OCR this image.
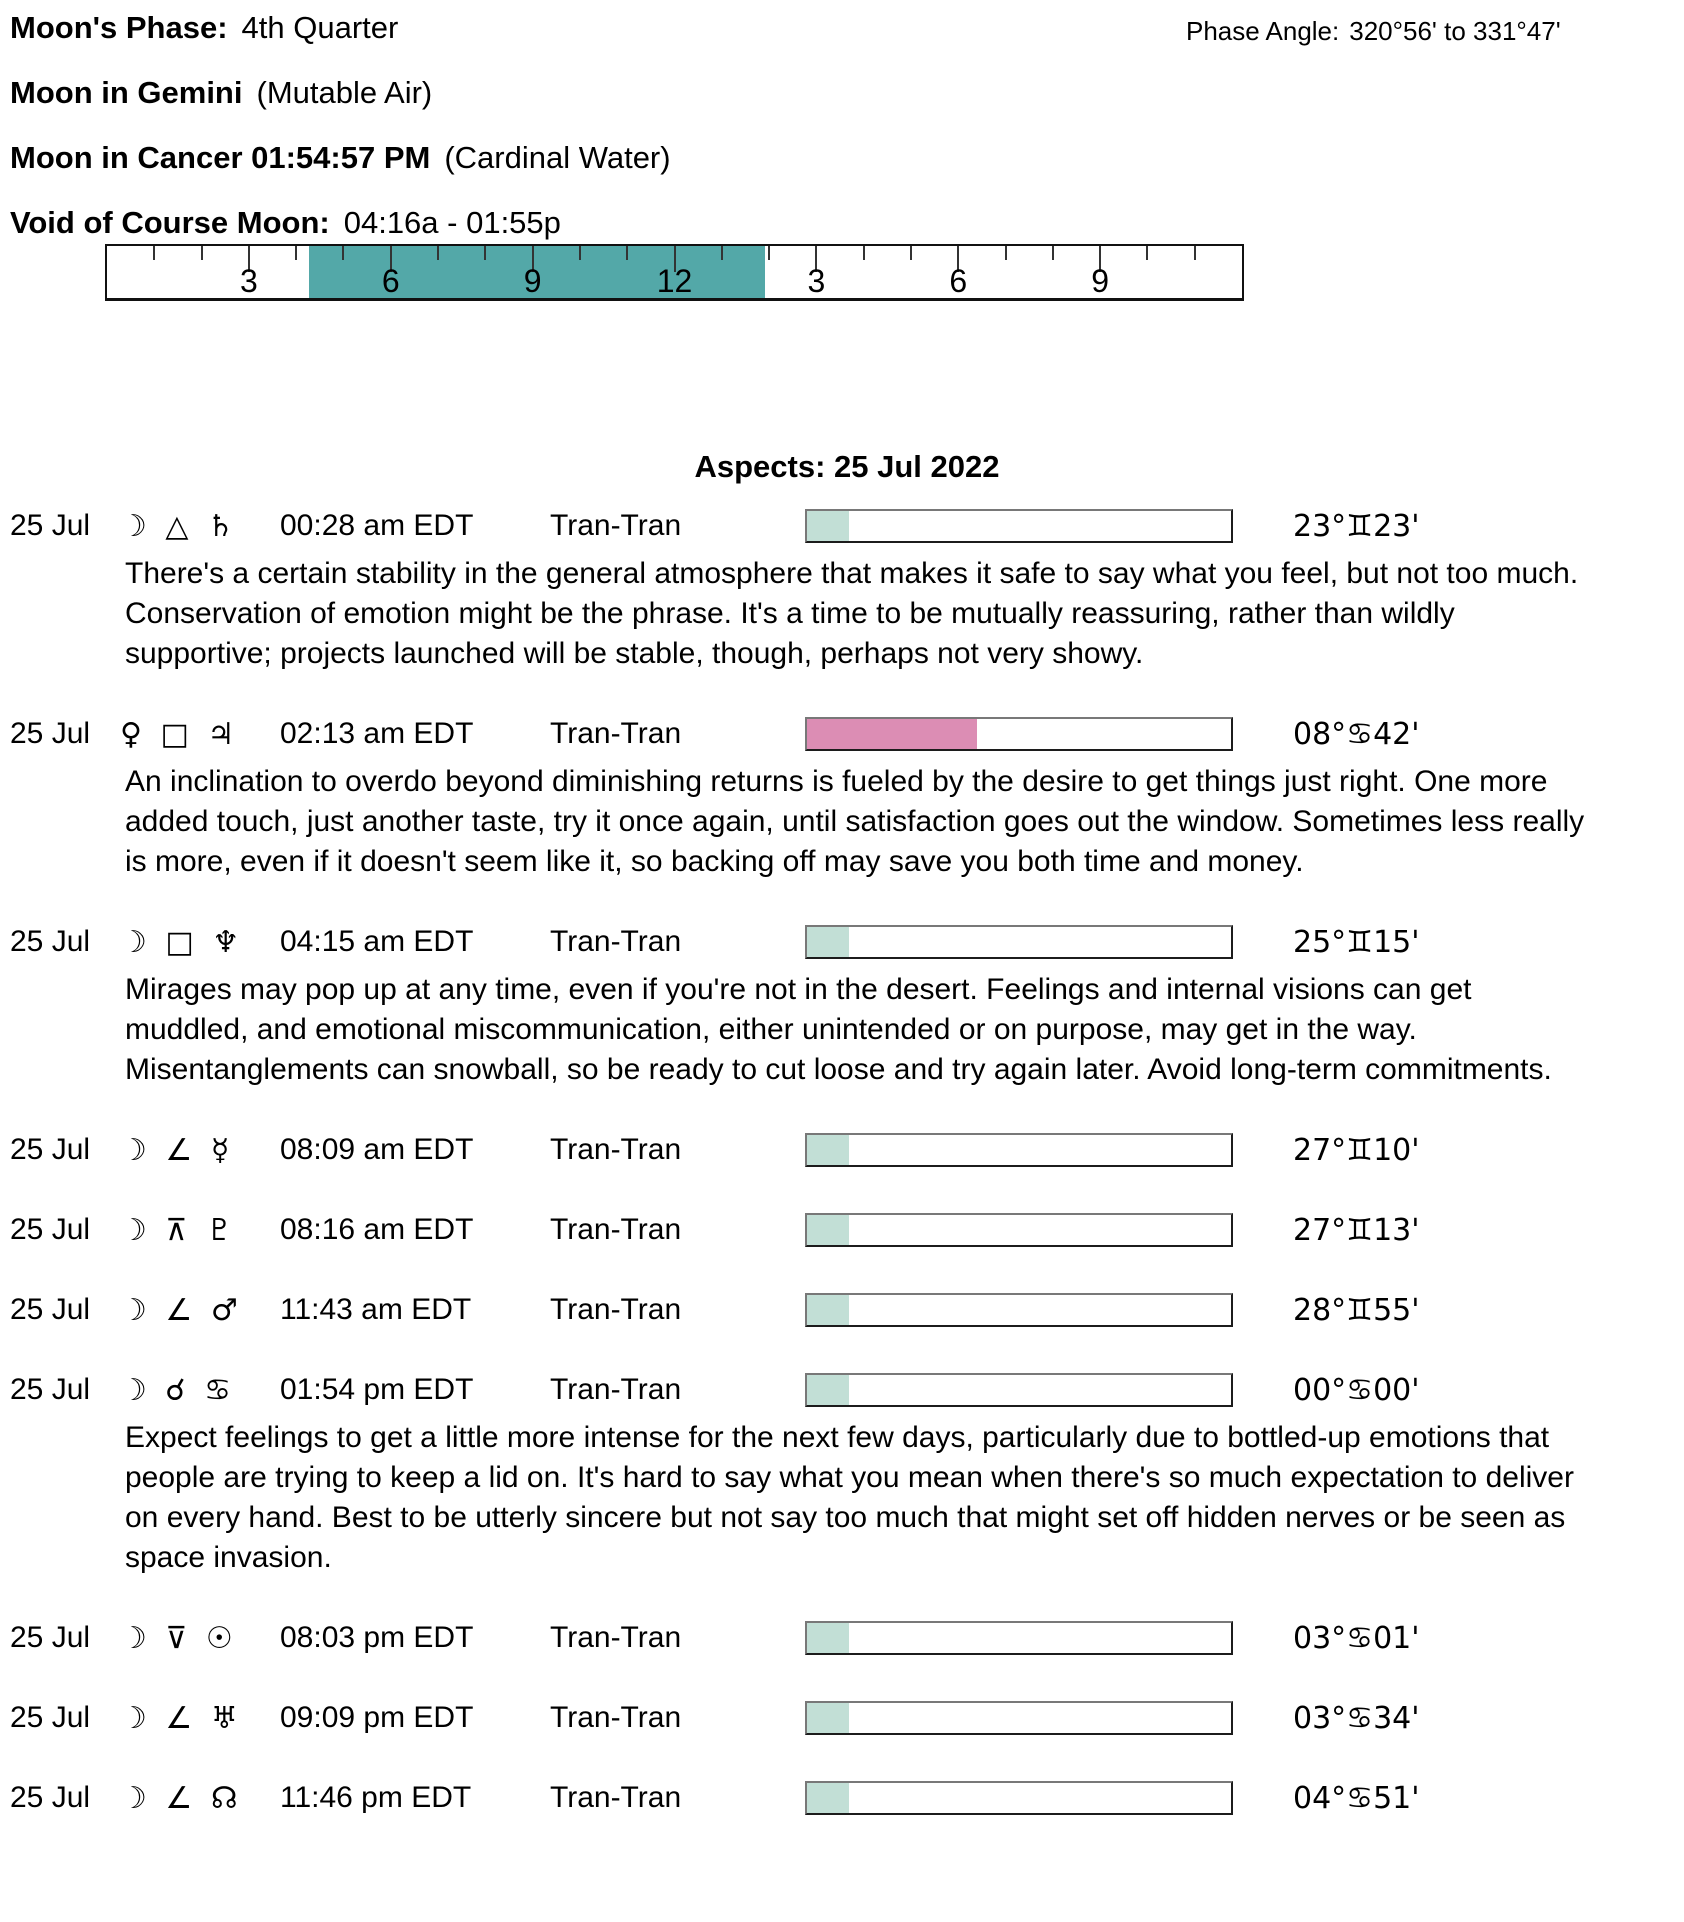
Moon's Phase: 4th Quarter	Phase Angle: 320°56' to 331°47'
Moon in Gemini (Mutable Air)
Moon in Cancer 01:54:57 PM (Cardinal Water)
Void of Course Moon: 04:16a - 01:55p
3	6	9	12	3	6	9
Aspects: 25 Jul 2022
25 Jul ☽ △ ♄	00:28 am EDT	Tran-Tran	23°♊23'
There's a certain stability in the general atmosphere that makes it safe to say what you feel, but not too much. Conservation of emotion might be the phrase. It's a time to be mutually reassuring, rather than wildly supportive; projects launched will be stable, though, perhaps not very showy.
25 Jul ♀ □ ♃	02:13 am EDT	Tran-Tran	08°♋42'
An inclination to overdo beyond diminishing returns is fueled by the desire to get things just right. One more added touch, just another taste, try it once again, until satisfaction goes out the window. Sometimes less really is more, even if it doesn't seem like it, so backing off may save you both time and money.
25 Jul ☽ □ ♆	04:15 am EDT	Tran-Tran	25°♊15'
Mirages may pop up at any time, even if you're not in the desert. Feelings and internal visions can get muddled, and emotional miscommunication, either unintended or on purpose, may get in the way. Misentanglements can snowball, so be ready to cut loose and try again later. Avoid long-term commitments.
25 Jul ☽ ∠ ☿	08:09 am EDT	Tran-Tran	27°♊10'
25 Jul ☽ ⊼ ♇	08:16 am EDT	Tran-Tran	27°♊13'
25 Jul ☽ ∠ ♂	11:43 am EDT	Tran-Tran	28°♊55'
25 Jul ☽ ☌ ♋	01:54 pm EDT	Tran-Tran	00°♋00'
Expect feelings to get a little more intense for the next few days, particularly due to bottled-up emotions that people are trying to keep a lid on. It's hard to say what you mean when there's so much expectation to deliver on every hand. Best to be utterly sincere but not say too much that might set off hidden nerves or be seen as space invasion.
25 Jul ☽ ⊽ ☉	08:03 pm EDT	Tran-Tran	03°♋01'
25 Jul ☽ ∠ ♅	09:09 pm EDT	Tran-Tran	03°♋34'
25 Jul ☽ ∠ ☊	11:46 pm EDT	Tran-Tran	04°♋51'
